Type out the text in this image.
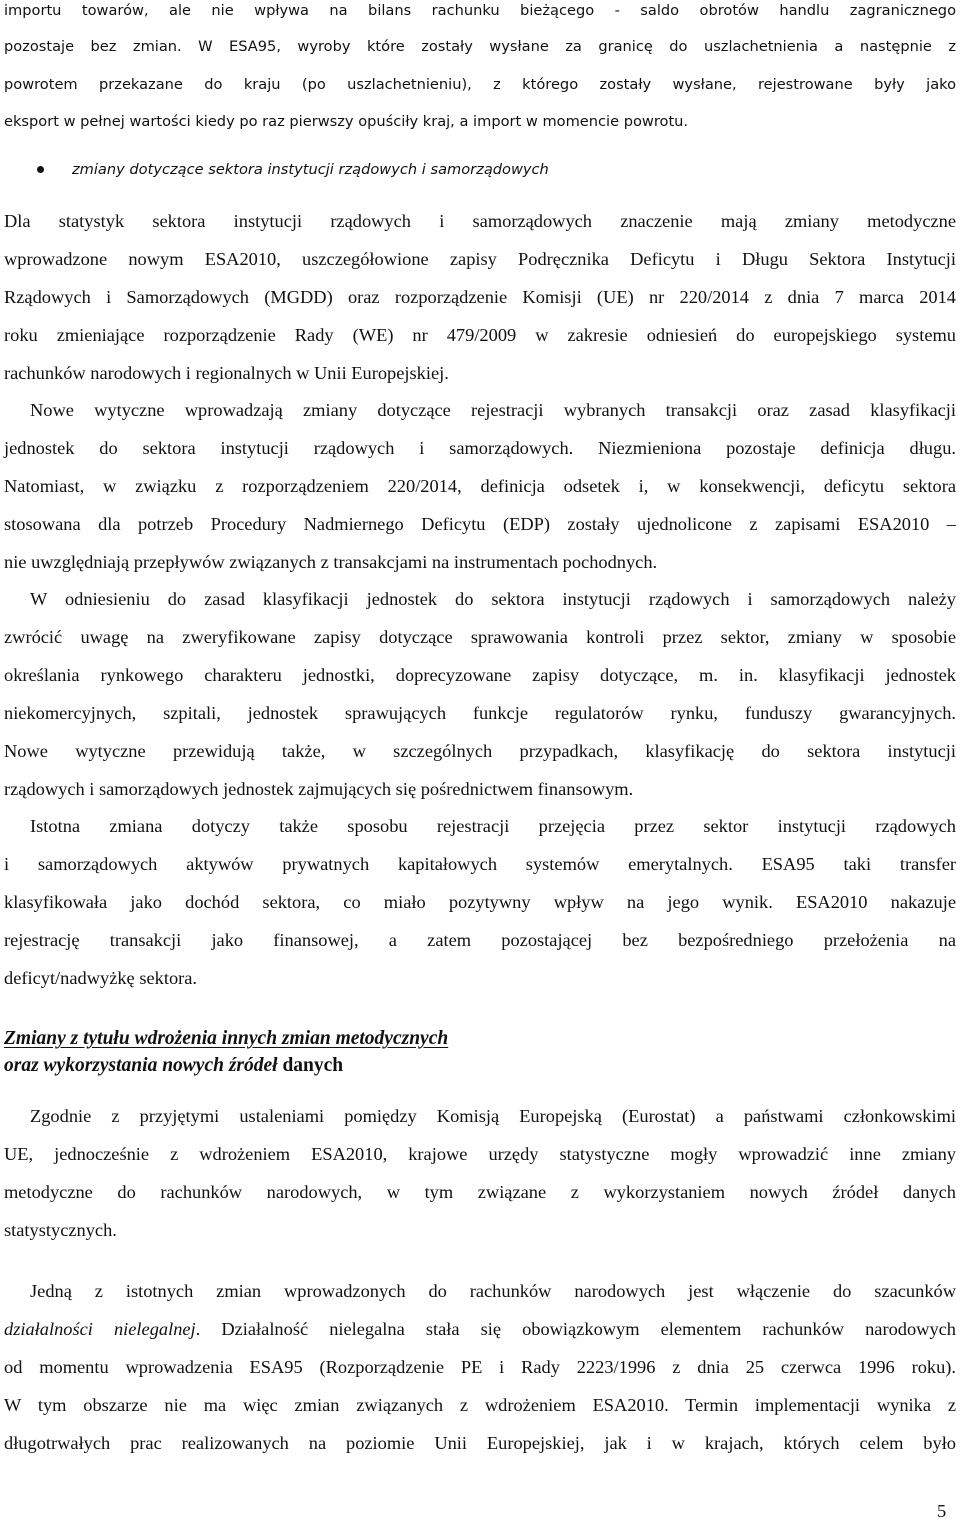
importu towarów, ale nie wpływa na bilans rachunku bieżącego - saldo obrotów handlu zagranicznego

pozostaje bez zmian. W ESA95, wyroby które zostały wysłane za granicę do uszlachetnienia a następnie z

powrotem przekazane do kraju (po uszlachetnieniu), z którego zostały wysłane, rejestrowane były jako

eksport w pełnej wartości kiedy po raz pierwszy opuściły kraj, a import w momencie powrotu.

zmiany dotyczące sektora instytucji rządowych i samorządowych

Dla statystyk sektora instytucji rządowych i samorządowych znaczenie mają zmiany metodyczne

wprowadzone nowym ESA2010, uszczegółowione zapisy Podręcznika Deficytu i Długu Sektora Instytucji

Rządowych i Samorządowych (MGDD) oraz rozporządzenie Komisji (UE) nr 220/2014 z dnia 7 marca 2014

roku zmieniające rozporządzenie Rady (WE) nr 479/2009 w zakresie odniesień do europejskiego systemu

rachunków narodowych i regionalnych w Unii Europejskiej.

Nowe wytyczne wprowadzają zmiany dotyczące rejestracji wybranych transakcji oraz zasad klasyfikacji

jednostek do sektora instytucji rządowych i samorządowych. Niezmieniona pozostaje definicja długu.

Natomiast, w związku z rozporządzeniem 220/2014, definicja odsetek i, w konsekwencji, deficytu sektora

stosowana dla potrzeb Procedury Nadmiernego Deficytu (EDP) zostały ujednolicone z zapisami ESA2010 –

nie uwzględniają przepływów związanych z transakcjami na instrumentach pochodnych.

W odniesieniu do zasad klasyfikacji jednostek do sektora instytucji rządowych i samorządowych należy

zwrócić uwagę na zweryfikowane zapisy dotyczące sprawowania kontroli przez sektor, zmiany w sposobie

określania rynkowego charakteru jednostki, doprecyzowane zapisy dotyczące, m. in. klasyfikacji jednostek

niekomercyjnych, szpitali, jednostek sprawujących funkcje regulatorów rynku, funduszy gwarancyjnych.

Nowe wytyczne przewidują także, w szczególnych przypadkach, klasyfikację do sektora instytucji

rządowych i samorządowych jednostek zajmujących się pośrednictwem finansowym.

Istotna zmiana dotyczy także sposobu rejestracji przejęcia przez sektor instytucji rządowych

i samorządowych aktywów prywatnych kapitałowych systemów emerytalnych. ESA95 taki transfer

klasyfikowała jako dochód sektora, co miało pozytywny wpływ na jego wynik. ESA2010 nakazuje

rejestrację transakcji jako finansowej, a zatem pozostającej bez bezpośredniego przełożenia na

deficyt/nadwyżkę sektora.

Zmiany z tytułu wdrożenia innych zmian metodycznych

oraz wykorzystania nowych źródeł danych

Zgodnie z przyjętymi ustaleniami pomiędzy Komisją Europejską (Eurostat) a państwami członkowskimi

UE, jednocześnie z wdrożeniem ESA2010, krajowe urzędy statystyczne mogły wprowadzić inne zmiany

metodyczne do rachunków narodowych, w tym związane z wykorzystaniem nowych źródeł danych

statystycznych.

Jedną z istotnych zmian wprowadzonych do rachunków narodowych jest włączenie do szacunków

działalności nielegalnej. Działalność nielegalna stała się obowiązkowym elementem rachunków narodowych

od momentu wprowadzenia ESA95 (Rozporządzenie PE i Rady 2223/1996 z dnia 25 czerwca 1996 roku).

W tym obszarze nie ma więc zmian związanych z wdrożeniem ESA2010. Termin implementacji wynika z

długotrwałych prac realizowanych na poziomie Unii Europejskiej, jak i w krajach, których celem było

5
